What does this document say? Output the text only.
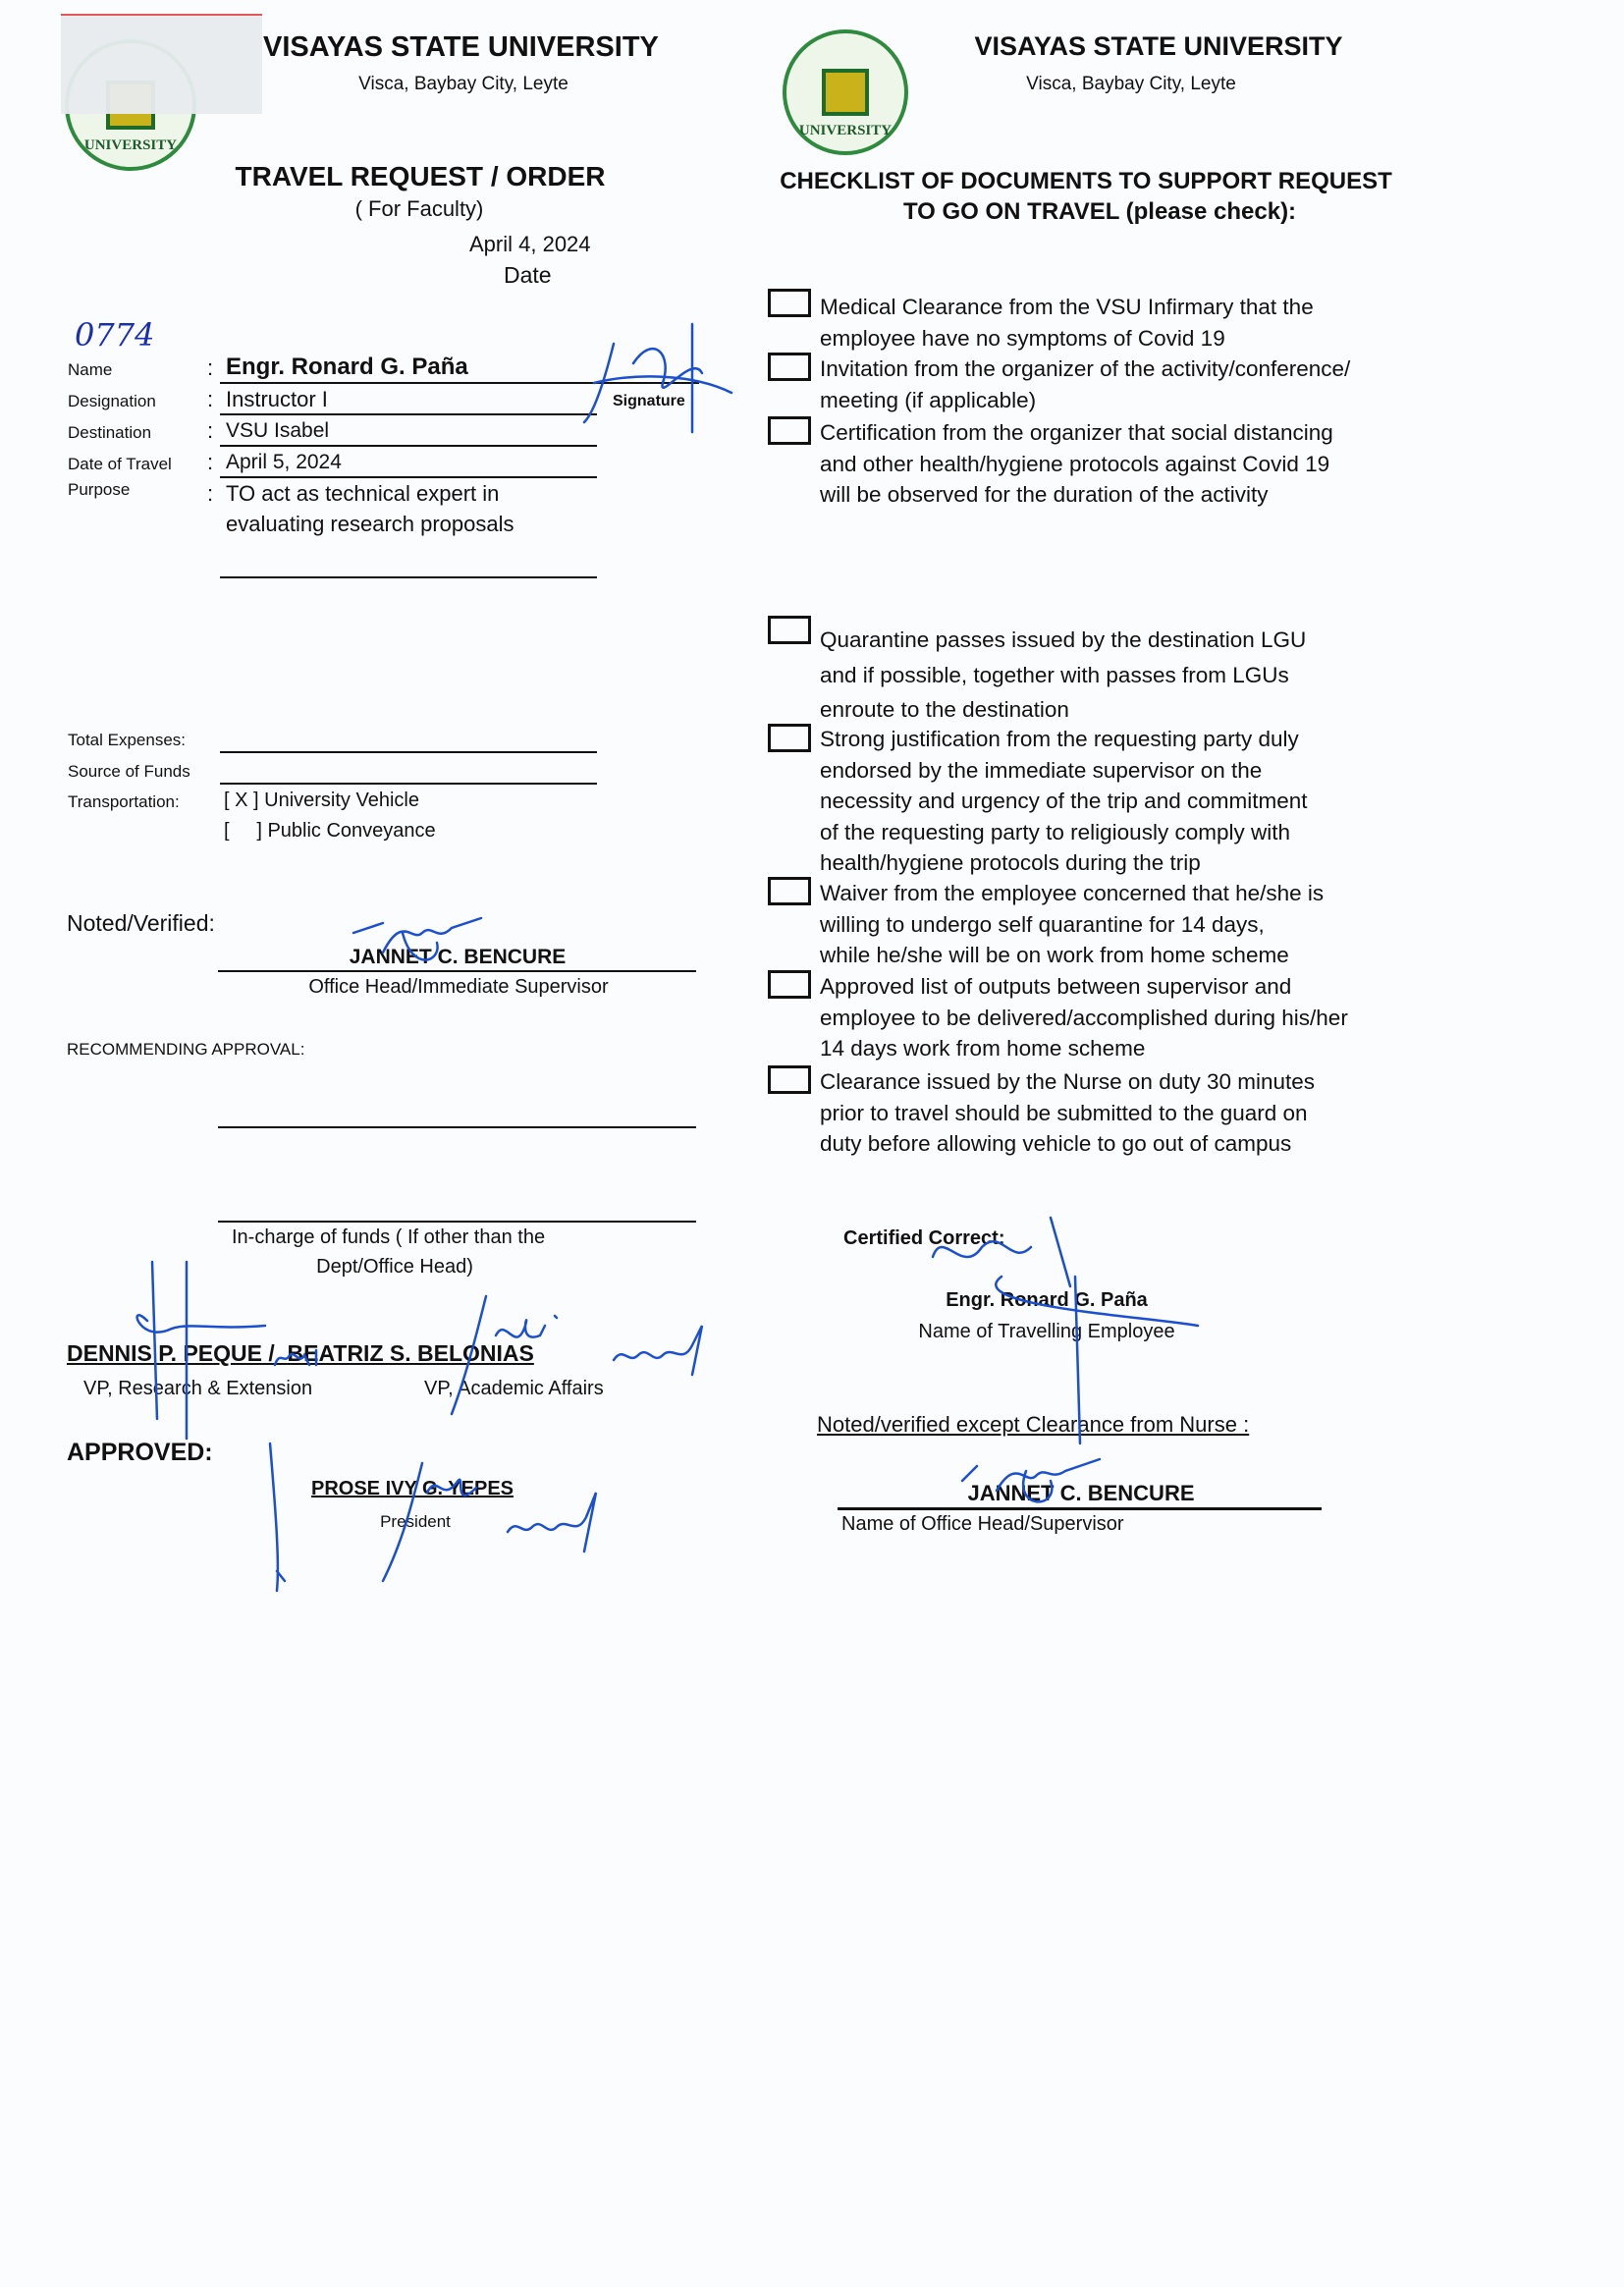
UNIVERSITY
VISAYAS STATE UNIVERSITY
Visca, Baybay City, Leyte
TRAVEL REQUEST / ORDER
( For Faculty)
April 4, 2024
Date
0774
Name	: Engr. Ronard G. Paña
Signature
Designation : Instructor I
Destination	: VSU Isabel
Date of Travel : April 5, 2024
Purpose	: TO act as technical expert in
evaluating research proposals
Total Expenses:
Source of Funds
Transportation: [ X ] University Vehicle
[     ] Public Conveyance
Noted/Verified:
JANNET C. BENCURE
Office Head/Immediate Supervisor
RECOMMENDING APPROVAL:
In-charge of funds ( If other than the
Dept/Office Head)
DENNIS P. PEQUE /  BEATRIZ S. BELONIAS
VP, Research & Extension	VP, Academic Affairs
APPROVED:
PROSE IVY G. YEPES
President
UNIVERSITY
VISAYAS STATE UNIVERSITY
Visca, Baybay City, Leyte
CHECKLIST OF DOCUMENTS TO SUPPORT REQUEST
TO GO ON TRAVEL (please check):
Medical Clearance from the VSU Infirmary that the
employee have no symptoms of Covid 19
Invitation from the organizer of the activity/conference/
meeting (if applicable)
Certification from the organizer that social distancing
and other health/hygiene protocols against Covid 19
will be observed for the duration of the activity
Quarantine passes issued by the destination LGU
and if possible, together with passes from LGUs
enroute to the destination
Strong justification from the requesting party duly
endorsed by the immediate supervisor on the
necessity and urgency of the trip and commitment
of the requesting party to religiously comply with
health/hygiene protocols during the trip
Waiver from the employee concerned that he/she is
willing to undergo self quarantine for 14 days,
while he/she will be on work from home scheme
Approved list of outputs between supervisor and
employee to be delivered/accomplished during his/her
14 days work from home scheme
Clearance issued by the Nurse on duty 30 minutes
prior to travel should be submitted to the guard on
duty before allowing vehicle to go out of campus
Certified Correct:
Engr. Ronard G. Paña
Name of Travelling Employee
Noted/verified except Clearance from Nurse :
JANNET C. BENCURE
Name of Office Head/Supervisor
